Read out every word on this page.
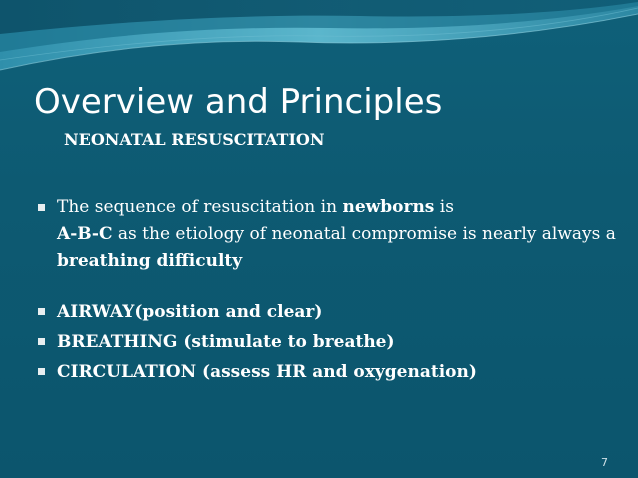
Overview and Principles
NEONATAL RESUSCITATION
The sequence of resuscitation in newborns is
A-B-C as the etiology of neonatal compromise is nearly always a breathing difficulty
AIRWAY(position and clear)
BREATHING (stimulate to breathe)
CIRCULATION (assess HR and oxygenation)
7
